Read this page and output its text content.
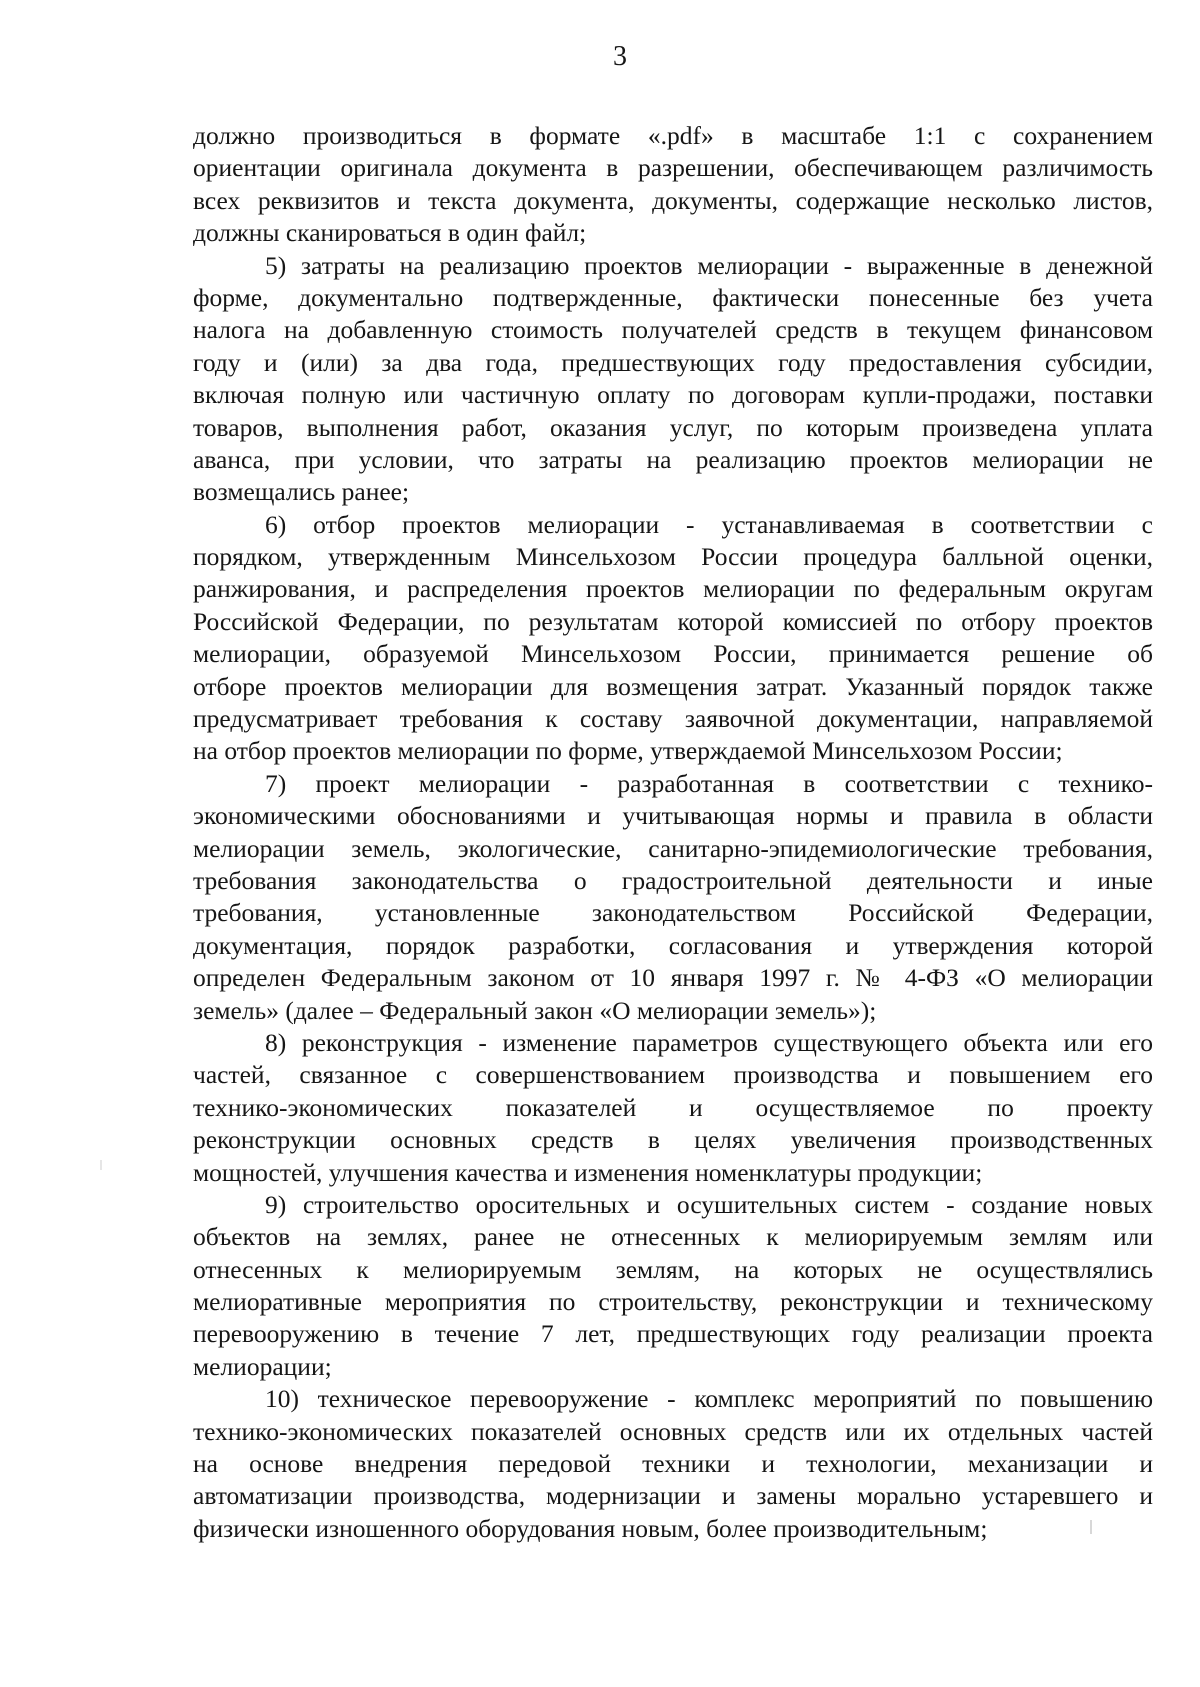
3
должно производиться в формате «.pdf» в масштабе 1:1 с сохранением
ориентации оригинала документа в разрешении, обеспечивающем различимость
всех реквизитов и текста документа, документы, содержащие несколько листов,
должны сканироваться в один файл;
5) затраты на реализацию проектов мелиорации - выраженные в денежной
форме, документально подтвержденные, фактически понесенные без учета
налога на добавленную стоимость получателей средств в текущем финансовом
году и (или) за два года, предшествующих году предоставления субсидии,
включая полную или частичную оплату по договорам купли-продажи, поставки
товаров, выполнения работ, оказания услуг, по которым произведена уплата
аванса, при условии, что затраты на реализацию проектов мелиорации не
возмещались ранее;
6) отбор проектов мелиорации - устанавливаемая в соответствии с
порядком, утвержденным Минсельхозом России процедура балльной оценки,
ранжирования, и распределения проектов мелиорации по федеральным округам
Российской Федерации, по результатам которой комиссией по отбору проектов
мелиорации, образуемой Минсельхозом России, принимается решение об
отборе проектов мелиорации для возмещения затрат. Указанный порядок также
предусматривает требования к составу заявочной документации, направляемой
на отбор проектов мелиорации по форме, утверждаемой Минсельхозом России;
7) проект мелиорации - разработанная в соответствии с технико-
экономическими обоснованиями и учитывающая нормы и правила в области
мелиорации земель, экологические, санитарно-эпидемиологические требования,
требования законодательства о градостроительной деятельности и иные
требования, установленные законодательством Российской Федерации,
документация, порядок разработки, согласования и утверждения которой
определен Федеральным законом от 10 января 1997 г. № 4-ФЗ «О мелиорации
земель» (далее – Федеральный закон «О мелиорации земель»);
8) реконструкция - изменение параметров существующего объекта или его
частей, связанное с совершенствованием производства и повышением его
технико-экономических показателей и осуществляемое по проекту
реконструкции основных средств в целях увеличения производственных
мощностей, улучшения качества и изменения номенклатуры продукции;
9) строительство оросительных и осушительных систем - создание новых
объектов на землях, ранее не отнесенных к мелиорируемым землям или
отнесенных к мелиорируемым землям, на которых не осуществлялись
мелиоративные мероприятия по строительству, реконструкции и техническому
перевооружению в течение 7 лет, предшествующих году реализации проекта
мелиорации;
10) техническое перевооружение - комплекс мероприятий по повышению
технико-экономических показателей основных средств или их отдельных частей
на основе внедрения передовой техники и технологии, механизации и
автоматизации производства, модернизации и замены морально устаревшего и
физически изношенного оборудования новым, более производительным;
